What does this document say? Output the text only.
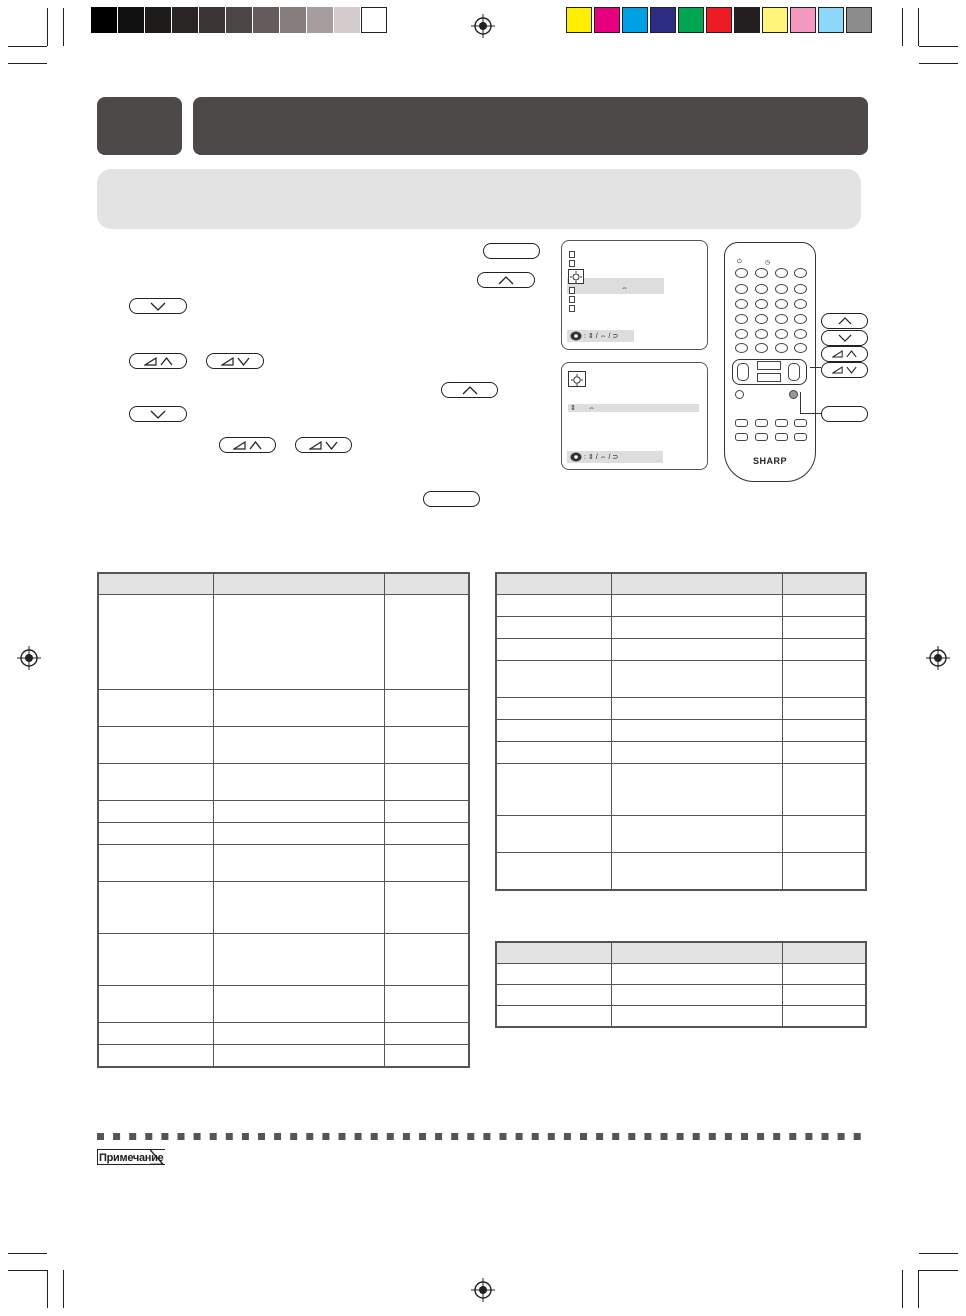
⇔
: ⇕ / ⇔ / ⊃
⇕ ⇔
: ⇕ / ⇔ / ⊃
⏻	◷
SHARP

Примечание
